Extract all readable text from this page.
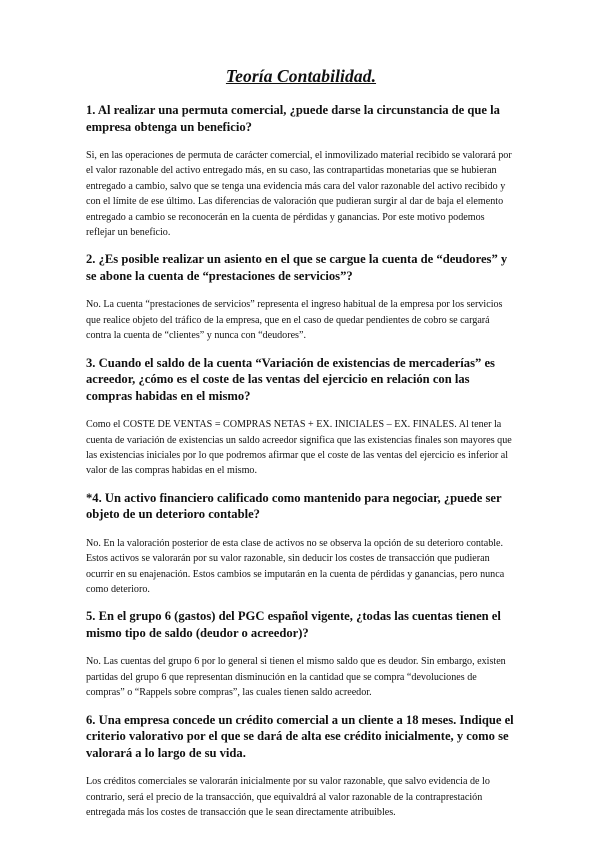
Teoría Contabilidad.

1. Al realizar una permuta comercial, ¿puede darse la circunstancia de que la empresa obtenga un beneficio?

Si, en las operaciones de permuta de carácter comercial, el inmovilizado material recibido se valorará por el valor razonable del activo entregado más, en su caso, las contrapartidas monetarias que se hubieran entregado a cambio, salvo que se tenga una evidencia más cara del valor razonable del activo recibido y con el límite de ese último. Las diferencias de valoración que pudieran surgir al dar de baja el elemento entregado a cambio se reconocerán en la cuenta de pérdidas y ganancias. Por este motivo podemos reflejar un beneficio.

2. ¿Es posible realizar un asiento en el que se cargue la cuenta de “deudores” y se abone la cuenta de “prestaciones de servicios”?

No. La cuenta “prestaciones de servicios” representa el ingreso habitual de la empresa por los servicios que realice objeto del tráfico de la empresa, que en el caso de quedar pendientes de cobro se cargará contra la cuenta de “clientes” y nunca con “deudores”.

3. Cuando el saldo de la cuenta “Variación de existencias de mercaderías” es acreedor, ¿cómo es el coste de las ventas del ejercicio en relación con las compras habidas en el mismo?

Como el COSTE DE VENTAS = COMPRAS NETAS + EX. INICIALES – EX. FINALES. Al tener la cuenta de variación de existencias un saldo acreedor significa que las existencias finales son mayores que las existencias iniciales por lo que podremos afirmar que el coste de las ventas del ejercicio es inferior al valor de las compras habidas en el mismo.

*4. Un activo financiero calificado como mantenido para negociar, ¿puede ser objeto de un deterioro contable?

No. En la valoración posterior de esta clase de activos no se observa la opción de su deterioro contable. Estos activos se valorarán por su valor razonable, sin deducir los costes de transacción que pudieran ocurrir en su enajenación. Estos cambios se imputarán en la cuenta de pérdidas y ganancias, pero nunca como deterioro.

5. En el grupo 6 (gastos) del PGC español vigente, ¿todas las cuentas tienen el mismo tipo de saldo (deudor o acreedor)?

No. Las cuentas del grupo 6 por lo general si tienen el mismo saldo que es deudor. Sin embargo, existen partidas del grupo 6 que representan disminución en la cantidad que se compra “devoluciones de compras” o “Rappels sobre compras”, las cuales tienen saldo acreedor.

6. Una empresa concede un crédito comercial a un cliente a 18 meses. Indique el criterio valorativo por el que se dará de alta ese crédito inicialmente, y como se valorará a lo largo de su vida.

Los créditos comerciales se valorarán inicialmente por su valor razonable, que salvo evidencia de lo contrario, será el precio de la transacción, que equivaldrá al valor razonable de la contraprestación entregada más los costes de transacción que le sean directamente atribuibles.
